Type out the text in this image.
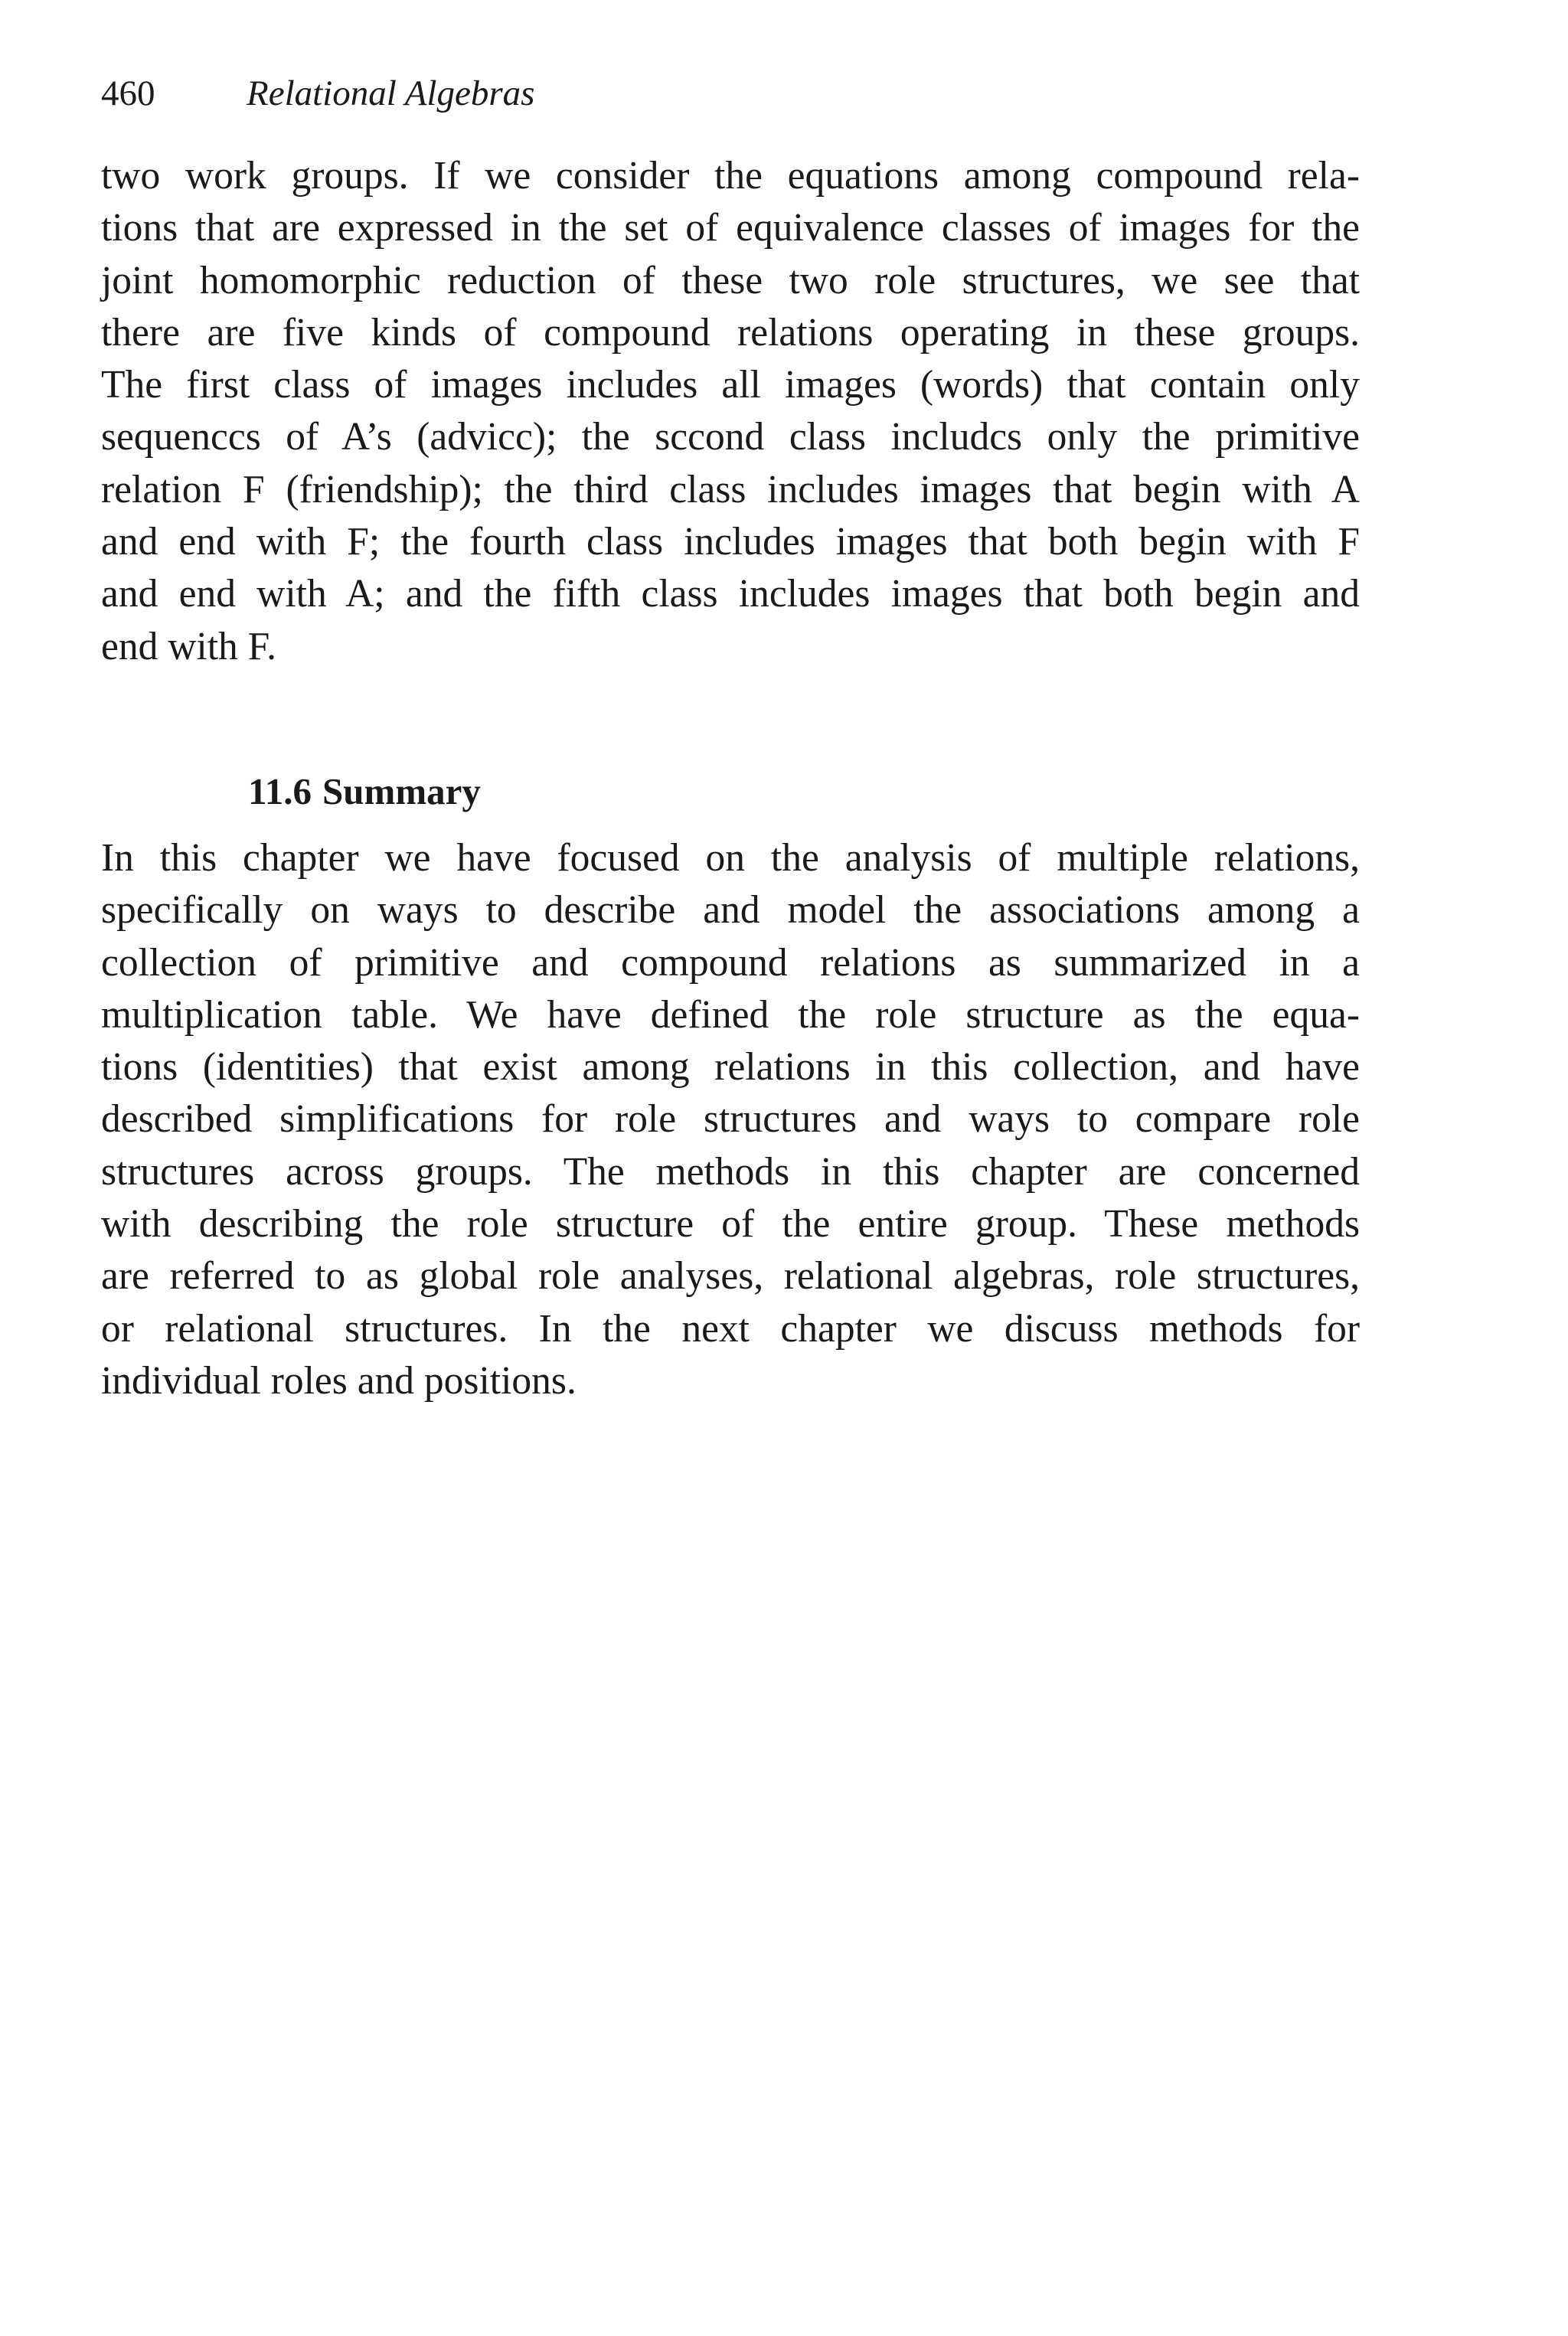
460	Relational Algebras
two work groups. If we consider the equations among compound rela-
tions that are expressed in the set of equivalence classes of images for the
joint homomorphic reduction of these two role structures, we see that
there are five kinds of compound relations operating in these groups.
The first class of images includes all images (words) that contain only
sequenccs of A’s (advicc); the sccond class includcs only the primitive
relation F (friendship); the third class includes images that begin with A
and end with F; the fourth class includes images that both begin with F
and end with A; and the fifth class includes images that both begin and
end with F.
11.6 Summary
In this chapter we have focused on the analysis of multiple relations,
specifically on ways to describe and model the associations among a
collection of primitive and compound relations as summarized in a
multiplication table. We have defined the role structure as the equa-
tions (identities) that exist among relations in this collection, and have
described simplifications for role structures and ways to compare role
structures across groups. The methods in this chapter are concerned
with describing the role structure of the entire group. These methods
are referred to as global role analyses, relational algebras, role structures,
or relational structures. In the next chapter we discuss methods for
individual roles and positions.
